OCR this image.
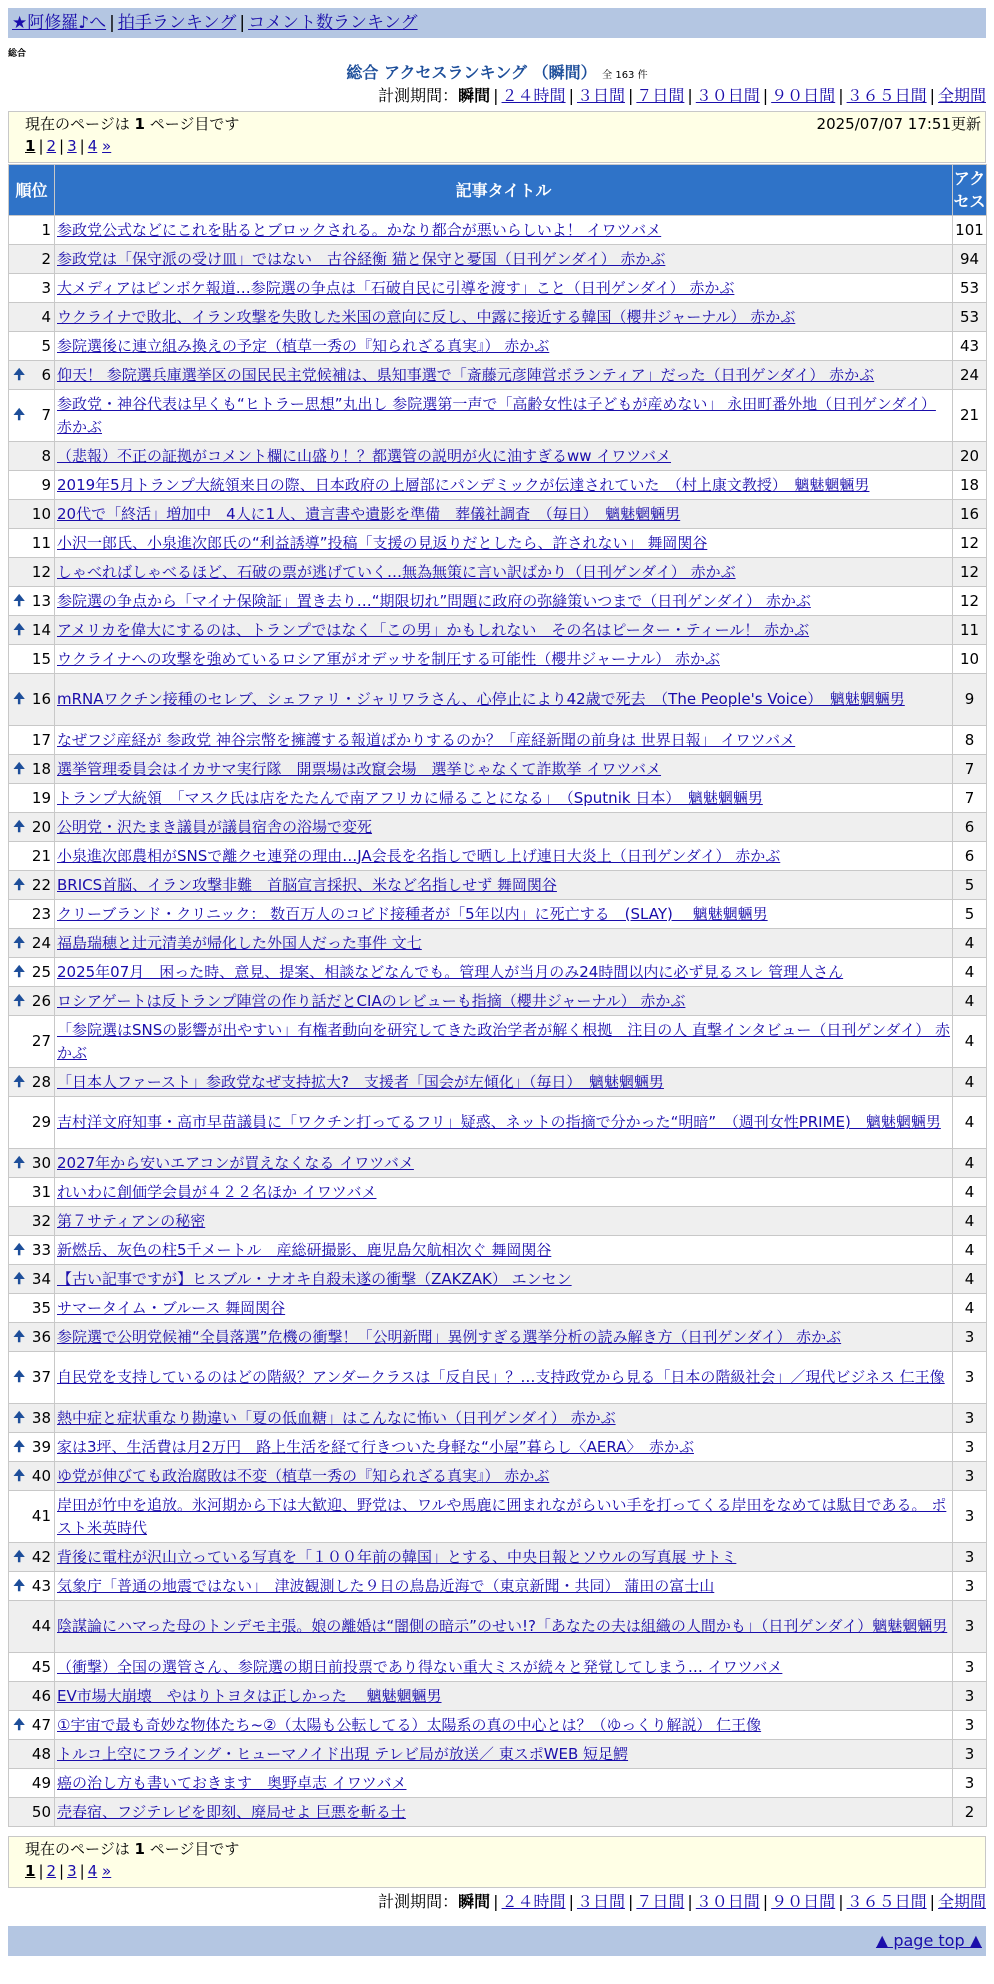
★阿修羅♪へ | 拍手ランキング | コメント数ランキング
総合
総合 アクセスランキング （瞬間） 全 163 件
計測期間：瞬間 | ２４時間 | ３日間 | ７日間 | ３０日間 | ９０日間 | ３６５日間 | 全期間
現在のページは 1 ページ目です	2025/07/07 17:51更新
1 | 2 | 3 | 4 »
順位	記事タイトル	アクセス
1	参政党公式などにこれを貼るとブロックされる。かなり都合が悪いらしいよ！ イワツバメ	101
2	参政党は「保守派の受け皿」ではない　古谷経衡 猫と保守と憂国（日刊ゲンダイ） 赤かぶ	94
3	大メディアはピンボケ報道…参院選の争点は「石破自民に引導を渡す」こと（日刊ゲンダイ） 赤かぶ	53
4	ウクライナで敗北、イラン攻撃を失敗した米国の意向に反し、中露に接近する韓国（櫻井ジャーナル） 赤かぶ	53
5	参院選後に連立組み換えの予定（植草一秀の『知られざる真実』） 赤かぶ	43

🠉 6	仰天！ 参院選兵庫選挙区の国民民主党候補は、県知事選で「斎藤元彦陣営ボランティア」だった（日刊ゲンダイ） 赤かぶ	24

🠉 7	参政党・神谷代表は早くも“ヒトラー思想”丸出し 参院選第一声で「高齢女性は子どもが産めない」 永田町番外地（日刊ゲンダイ） 赤かぶ	21
8	（悲報）不正の証拠がコメント欄に山盛り！？都選管の説明が火に油すぎるww イワツバメ	20
9	2019年5月トランプ大統領来日の際、日本政府の上層部にパンデミックが伝達されていた　（村上康文教授）　魑魅魍魎男	18
10	20代で「終活」増加中　4人に1人、遺言書や遺影を準備　葬儀社調査　（毎日）　魑魅魍魎男	16
11	小沢一郎氏、小泉進次郎氏の“利益誘導”投稿「支援の見返りだとしたら、許されない」 舞岡関谷	12
12	しゃべればしゃべるほど、石破の票が逃げていく…無為無策に言い訳ばかり（日刊ゲンダイ） 赤かぶ	12

🠉 13	参院選の争点から「マイナ保険証」置き去り…“期限切れ”問題に政府の弥縫策いつまで（日刊ゲンダイ） 赤かぶ	12

🠉 14	アメリカを偉大にするのは、トランプではなく「この男」かもしれない　その名はピーター・ティール！ 赤かぶ	11
15	ウクライナへの攻撃を強めているロシア軍がオデッサを制圧する可能性（櫻井ジャーナル） 赤かぶ	10

🠉 16	mRNAワクチン接種のセレブ、シェファリ・ジャリワラさん、心停止により42歳で死去　（The People's Voice）　魑魅魍魎男	9
17	なぜフジ産経が 参政党 神谷宗幣を擁護する報道ばかりするのか？「産経新聞の前身は 世界日報」 イワツバメ	8

🠉 18	選挙管理委員会はイカサマ実行隊　開票場は改竄会場　選挙じゃなくて詐欺挙 イワツバメ	7
19	トランプ大統領　「マスク氏は店をたたんで南アフリカに帰ることになる」　（Sputnik 日本）　魑魅魍魎男	7

🠉 20	公明党・沢たまき議員が議員宿舎の浴場で変死	6
21	小泉進次郎農相がSNSで離クセ連発の理由…JA会長を名指しで晒し上げ連日大炎上（日刊ゲンダイ） 赤かぶ	6

🠉 22	BRICS首脳、イラン攻撃非難　首脳宣言採択、米など名指しせず 舞岡関谷	5
23	クリーブランド・クリニック： 数百万人のコビド接種者が「5年以内」に死亡する　(SLAY)　 魑魅魍魎男	5

🠉 24	福島瑞穂と辻元清美が帰化した外国人だった事件 文七	4

🠉 25	2025年07月　困った時、意見、提案、相談などなんでも。管理人が当月のみ24時間以内に必ず見るスレ 管理人さん	4

🠉 26	ロシアゲートは反トランプ陣営の作り話だとCIAのレビューも指摘（櫻井ジャーナル） 赤かぶ	4
27	「参院選はSNSの影響が出やすい」有権者動向を研究してきた政治学者が解く根拠　注目の人 直撃インタビュー（日刊ゲンダイ） 赤かぶ	4

🠉 28	「日本人ファースト」参政党なぜ支持拡大?　支援者「国会が左傾化」（毎日）　魑魅魍魎男	4
29	吉村洋文府知事・高市早苗議員に「ワクチン打ってるフリ」疑惑、ネットの指摘で分かった“明暗”　（週刊女性PRIME)　魑魅魍魎男	4

🠉 30	2027年から安いエアコンが買えなくなる イワツバメ	4
31	れいわに創価学会員が４２２名ほか イワツバメ	4
32	第７サティアンの秘密	4

🠉 33	新燃岳、灰色の柱5千メートル　産総研撮影、鹿児島欠航相次ぐ 舞岡関谷	4

🠉 34	【古い記事ですが】ヒスブル・ナオキ自殺未遂の衝撃（ZAKZAK） エンセン	4
35	サマータイム・ブルース 舞岡関谷	4

🠉 36	参院選で公明党候補“全員落選”危機の衝撃！「公明新聞」異例すぎる選挙分析の読み解き方（日刊ゲンダイ） 赤かぶ	3

🠉 37	自民党を支持しているのはどの階級？アンダークラスは「反自民」？…支持政党から見る「日本の階級社会」／現代ビジネス 仁王像	3

🠉 38	熱中症と症状重なり勘違い「夏の低血糖」はこんなに怖い（日刊ゲンダイ） 赤かぶ	3

🠉 39	家は3坪、生活費は月2万円　路上生活を経て行きついた身軽な“小屋”暮らし〈AERA〉　赤かぶ	3

🠉 40	ゆ党が伸びても政治腐敗は不変（植草一秀の『知られざる真実』） 赤かぶ	3
41	岸田が竹中を追放。氷河期から下は大歓迎、野党は、ワルや馬鹿に囲まれながらいい手を打ってくる岸田をなめては駄目である。 ポスト米英時代	3

🠉 42	背後に電柱が沢山立っている写真を「１００年前の韓国」とする、中央日報とソウルの写真展 サトミ	3

🠉 43	気象庁「普通の地震ではない」　津波観測した９日の鳥島近海で（東京新聞・共同） 蒲田の富士山	3
44	陰謀論にハマった母のトンデモ主張。娘の離婚は“闇側の暗示”のせい!?「あなたの夫は組織の人間かも」（日刊ゲンダイ）魑魅魍魎男	3
45	（衝撃）全国の選管さん、参院選の期日前投票であり得ない重大ミスが続々と発覚してしまう… イワツバメ	3
46	EV市場大崩壊　やはりトヨタは正しかった　 魑魅魍魎男	3

🠉 47	①宇宙で最も奇妙な物体たち~②（太陽も公転してる）太陽系の真の中心とは？（ゆっくり解説） 仁王像	3
48	トルコ上空にフライング・ヒューマノイド出現 テレビ局が放送／ 東スポWEB 短足鰐	3
49	癌の治し方も書いておきます　奥野卓志 イワツバメ	3
50	売春宿、フジテレビを即刻、廃局せよ 巨悪を斬る士	2
現在のページは 1 ページ目です
1 | 2 | 3 | 4 »
計測期間：瞬間 | ２４時間 | ３日間 | ７日間 | ３０日間 | ９０日間 | ３６５日間 | 全期間
▲ page top ▲
